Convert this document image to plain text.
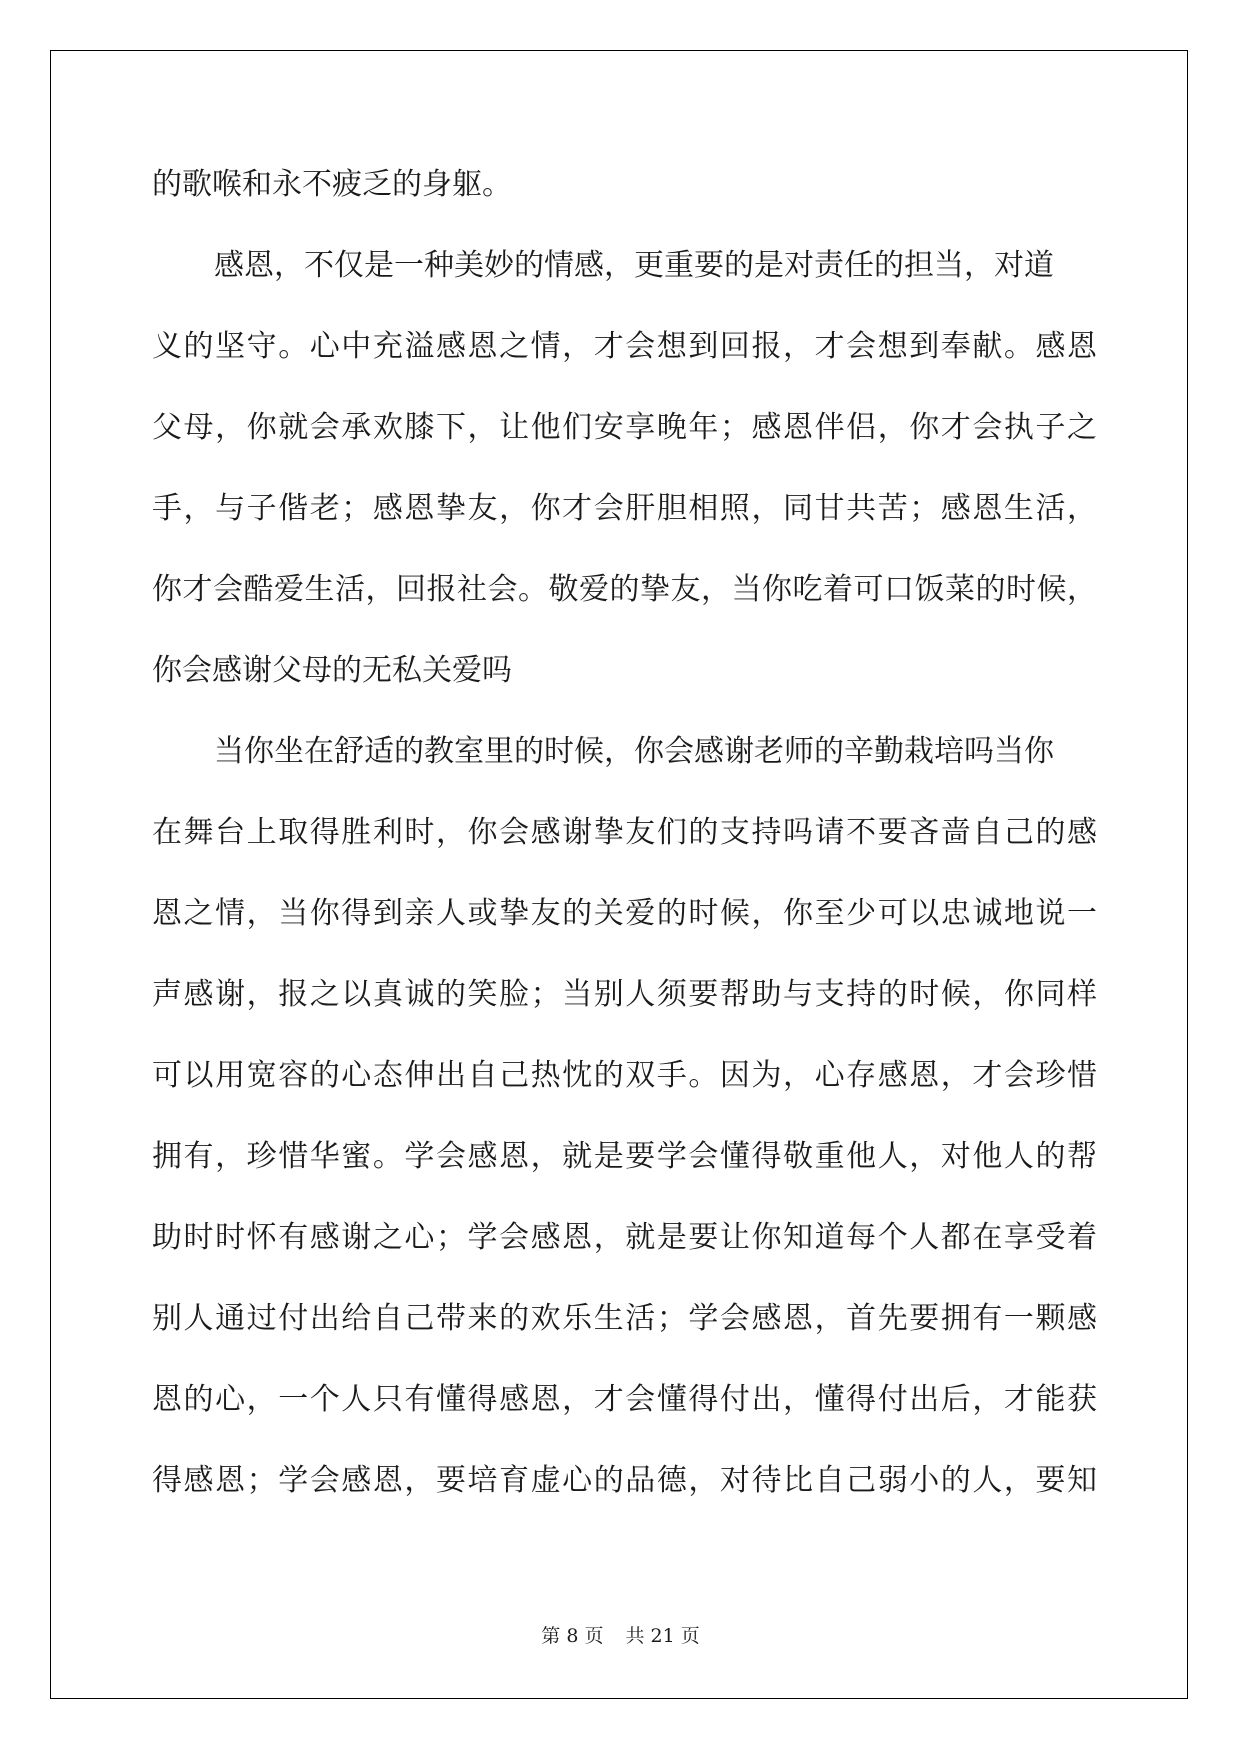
的歌喉和永不疲乏的身躯。
感恩，不仅是一种美妙的情感，更重要的是对责任的担当，对道
义的坚守。心中充溢感恩之情，才会想到回报，才会想到奉献。感恩
父母，你就会承欢膝下，让他们安享晚年；感恩伴侣，你才会执子之
手，与子偕老；感恩挚友，你才会肝胆相照，同甘共苦；感恩生活，
你才会酷爱生活，回报社会。敬爱的挚友，当你吃着可口饭菜的时候，
你会感谢父母的无私关爱吗
当你坐在舒适的教室里的时候，你会感谢老师的辛勤栽培吗当你
在舞台上取得胜利时，你会感谢挚友们的支持吗请不要吝啬自己的感
恩之情，当你得到亲人或挚友的关爱的时候，你至少可以忠诚地说一
声感谢，报之以真诚的笑脸；当别人须要帮助与支持的时候，你同样
可以用宽容的心态伸出自己热忱的双手。因为，心存感恩，才会珍惜
拥有，珍惜华蜜。学会感恩，就是要学会懂得敬重他人，对他人的帮
助时时怀有感谢之心；学会感恩，就是要让你知道每个人都在享受着
别人通过付出给自己带来的欢乐生活；学会感恩，首先要拥有一颗感
恩的心，一个人只有懂得感恩，才会懂得付出，懂得付出后，才能获
得感恩；学会感恩，要培育虚心的品德，对待比自己弱小的人，要知
第 8 页 共 21 页
